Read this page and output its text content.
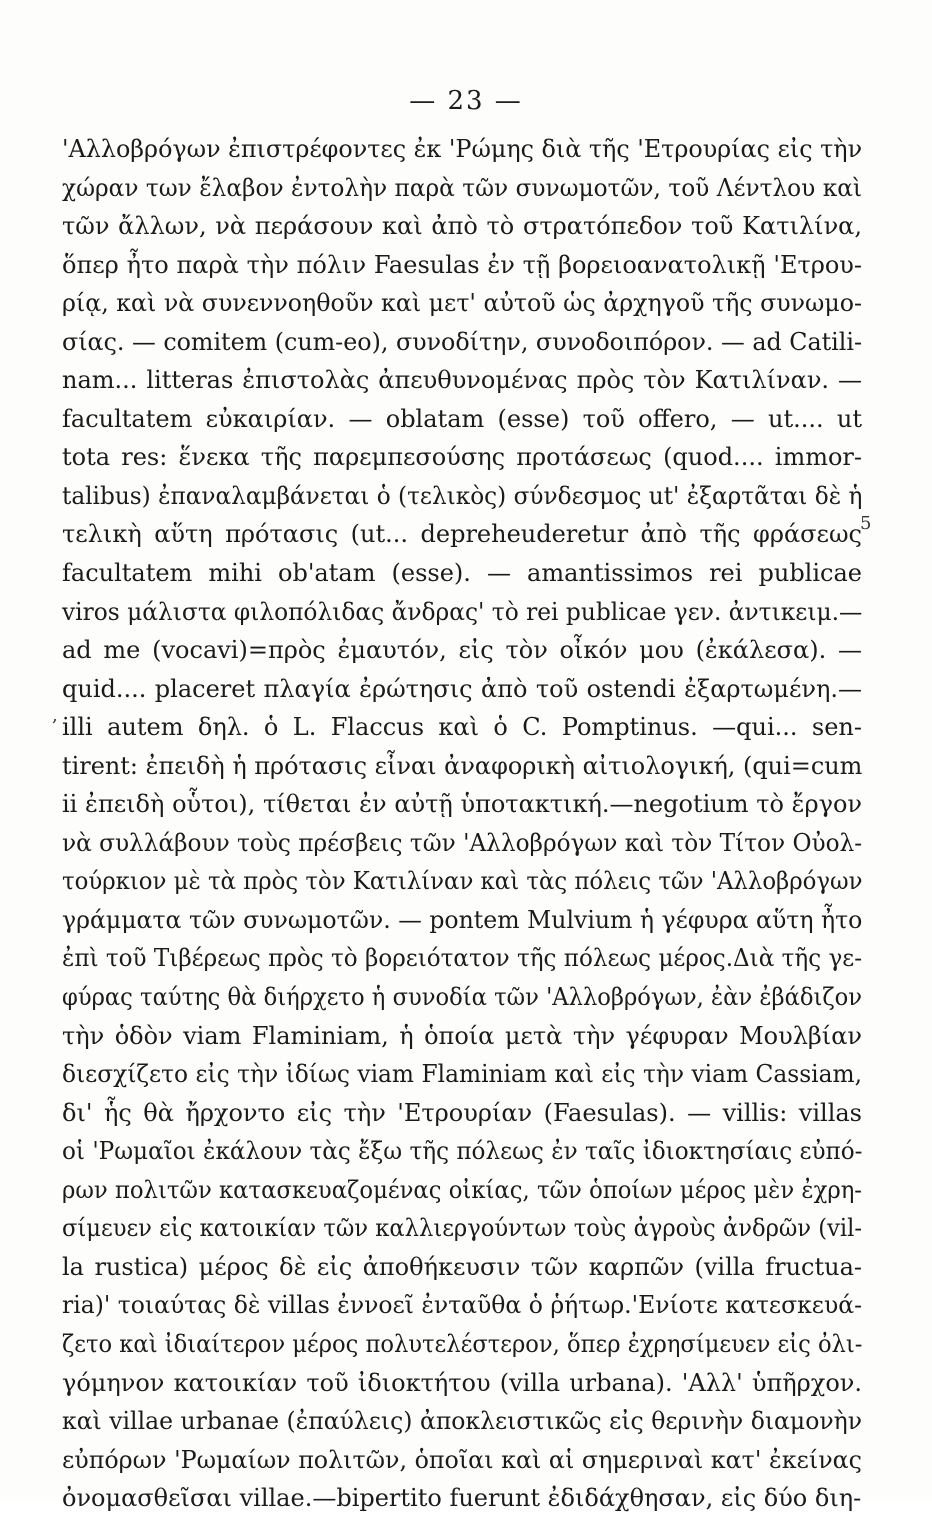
— 23 —
5
,
'Αλλοβρόγων ἐπιστρέφοντες ἐκ 'Ρώμης διὰ τῆς 'Ετρουρίας εἰς τὴν
χώραν των ἔλαβον ἐντολὴν παρὰ τῶν συνωμοτῶν, τοῦ Λέντλου καὶ
τῶν ἄλλων, νὰ περάσουν καὶ ἀπὸ τὸ στρατόπεδον τοῦ Κατιλίνα,
ὅπερ ἦτο παρὰ τὴν πόλιν Faesulas ἐν τῇ βορειοανατολικῇ 'Ετρου-
ρίᾳ, καὶ νὰ συνεννοηθοῦν καὶ μετ' αὐτοῦ ὡς ἀρχηγοῦ τῆς συνωμο-
σίας. — comitem (cum-eo), συνοδίτην, συνοδοιπόρον. — ad Catili-
nam... litteras ἐπιστολὰς ἀπευθυνομένας πρὸς τὸν Κατιλίναν. —
facultatem εὐκαιρίαν. — oblatam (esse) τοῦ offero, — ut.... ut
tota res: ἕνεκα τῆς παρεμπεσούσης προτάσεως (quod.... immor-
talibus) ἐπαναλαμβάνεται ὁ (τελικὸς) σύνδεσμος ut' ἐξαρτᾶται δὲ ἡ
τελικὴ αὕτη πρότασις (ut... depreheuderetur ἀπὸ τῆς φράσεως
facultatem mihi ob'atam (esse). — amantissimos rei publicae
viros μάλιστα φιλοπόλιδας ἄνδρας' τὸ rei publicae γεν. ἀντικειμ.—
ad me (vocavi)=πρὸς ἐμαυτόν, εἰς τὸν οἶκόν μου (ἐκάλεσα). —
quid.... placeret πλαγία ἐρώτησις ἀπὸ τοῦ ostendi ἐξαρτωμένη.—
illi autem δηλ. ὁ L. Flaccus καὶ ὁ C. Pomptinus. —qui... sen-
tirent: ἐπειδὴ ἡ πρότασις εἶναι ἀναφορικὴ αἰτιολογική, (qui=cum
ii ἐπειδὴ οὗτοι), τίθεται ἐν αὐτῇ ὑποτακτική.—negotium τὸ ἔργον
νὰ συλλάβουν τοὺς πρέσβεις τῶν 'Αλλοβρόγων καὶ τὸν Τίτον Οὐολ-
τούρκιον μὲ τὰ πρὸς τὸν Κατιλίναν καὶ τὰς πόλεις τῶν 'Αλλοβρόγων
γράμματα τῶν συνωμοτῶν. — pontem Mulvium ἡ γέφυρα αὕτη ἦτο
ἐπὶ τοῦ Τιβέρεως πρὸς τὸ βορειότατον τῆς πόλεως μέρος.Διὰ τῆς γε-
φύρας ταύτης θὰ διήρχετο ἡ συνοδία τῶν 'Αλλοβρόγων, ἐὰν ἐβάδιζον
τὴν ὁδὸν viam Flaminiam, ἡ ὁποία μετὰ τὴν γέφυραν Μουλβίαν
διεσχίζετο εἰς τὴν ἰδίως viam Flaminiam καὶ εἰς τὴν viam Cassiam,
δι' ἧς θὰ ἤρχοντο εἰς τὴν 'Ετρουρίαν (Faesulas). — villis: villas
οἱ 'Ρωμαῖοι ἐκάλουν τὰς ἔξω τῆς πόλεως ἐν ταῖς ἰδιοκτησίαις εὐπό-
ρων πολιτῶν κατασκευαζομένας οἰκίας, τῶν ὁποίων μέρος μὲν ἐχρη-
σίμευεν εἰς κατοικίαν τῶν καλλιεργούντων τοὺς ἀγροὺς ἀνδρῶν (vil-
la rustica) μέρος δὲ εἰς ἀποθήκευσιν τῶν καρπῶν (villa fructua-
ria)' τοιαύτας δὲ villas ἐννοεῖ ἐνταῦθα ὁ ῥήτωρ.'Ενίοτε κατεσκευά-
ζετο καὶ ἰδιαίτερον μέρος πολυτελέστερον, ὅπερ ἐχρησίμευεν εἰς ὀλι-
γόμηνον κατοικίαν τοῦ ἰδιοκτήτου (villa urbana). 'Αλλ' ὑπῆρχον.
καὶ villae urbanae (ἐπαύλεις) ἀποκλειστικῶς εἰς θερινὴν διαμονὴν
εὐπόρων 'Ρωμαίων πολιτῶν, ὁποῖαι καὶ αἱ σημεριναὶ κατ' ἐκείνας
ὀνομασθεῖσαι villae.—bipertito fuerunt ἐδιδάχθησαν, εἰς δύο διη-
